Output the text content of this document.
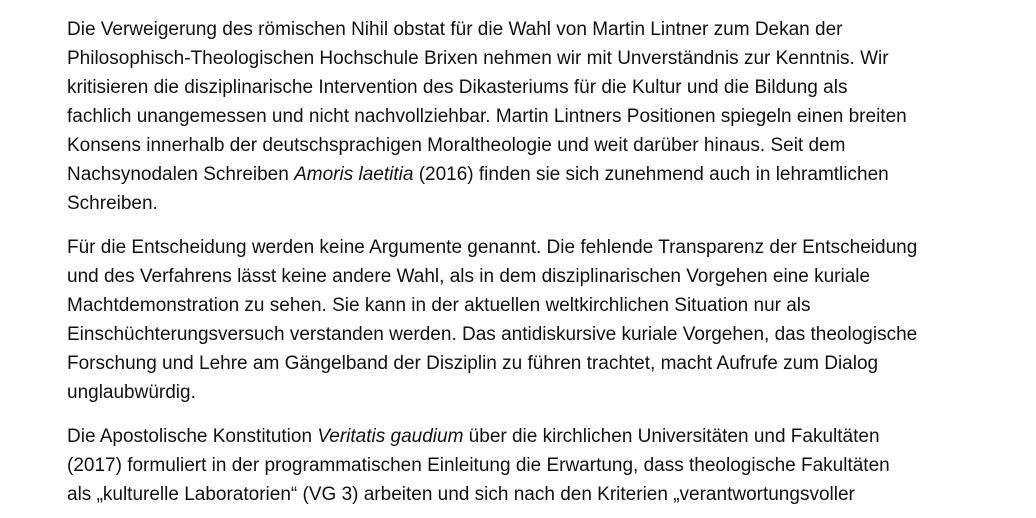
Die Verweigerung des römischen Nihil obstat für die Wahl von Martin Lintner zum Dekan der
Philosophisch-Theologischen Hochschule Brixen nehmen wir mit Unverständnis zur Kenntnis. Wir
kritisieren die disziplinarische Intervention des Dikasteriums für die Kultur und die Bildung als
fachlich unangemessen und nicht nachvollziehbar. Martin Lintners Positionen spiegeln einen breiten
Konsens innerhalb der deutschsprachigen Moraltheologie und weit darüber hinaus. Seit dem
Nachsynodalen Schreiben Amoris laetitia (2016) finden sie sich zunehmend auch in lehramtlichen
Schreiben.
Für die Entscheidung werden keine Argumente genannt. Die fehlende Transparenz der Entscheidung
und des Verfahrens lässt keine andere Wahl, als in dem disziplinarischen Vorgehen eine kuriale
Machtdemonstration zu sehen. Sie kann in der aktuellen weltkirchlichen Situation nur als
Einschüchterungsversuch verstanden werden. Das antidiskursive kuriale Vorgehen, das theologische
Forschung und Lehre am Gängelband der Disziplin zu führen trachtet, macht Aufrufe zum Dialog
unglaubwürdig.
Die Apostolische Konstitution Veritatis gaudium über die kirchlichen Universitäten und Fakultäten
(2017) formuliert in der programmatischen Einleitung die Erwartung, dass theologische Fakultäten
als „kulturelle Laboratorien“ (VG 3) arbeiten und sich nach den Kriterien „verantwortungsvoller
